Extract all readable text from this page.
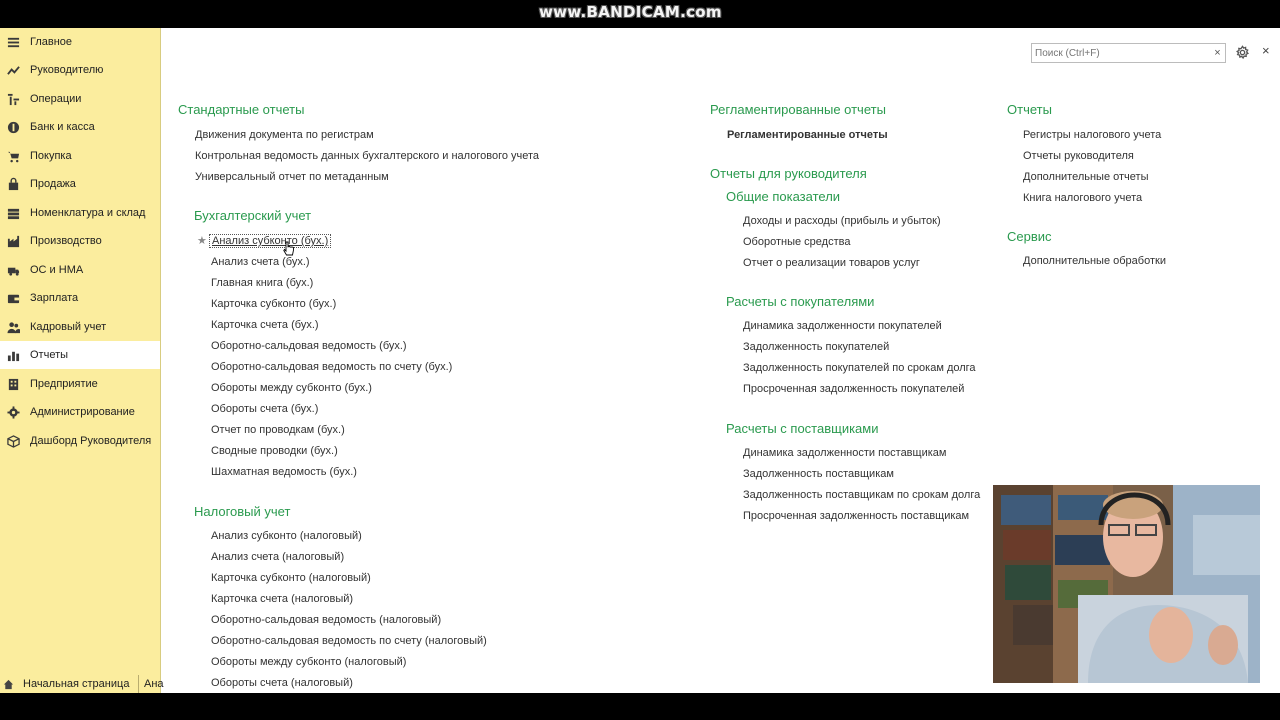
www.BANDICAM.com
Главное
Руководителю
Операции
Банк и касса
Покупка
Продажа
Номенклатура и склад
Производство
ОС и НМА
Зарплата
Кадровый учет
Отчеты
Предприятие
Администрирование
Дашборд Руководителя
Начальная страница	Ана
Поиск (Ctrl+F)
×	×
Стандартные отчеты
Движения документа по регистрам
Контрольная ведомость данных бухгалтерского и налогового учета
Универсальный отчет по метаданным
Бухгалтерский учет
★ Анализ субконто (бух.)
Анализ счета (бух.)
Главная книга (бух.)
Карточка субконто (бух.)
Карточка счета (бух.)
Оборотно-сальдовая ведомость (бух.)
Оборотно-сальдовая ведомость по счету (бух.)
Обороты между субконто (бух.)
Обороты счета (бух.)
Отчет по проводкам (бух.)
Сводные проводки (бух.)
Шахматная ведомость (бух.)
Налоговый учет
Анализ субконто (налоговый)
Анализ счета (налоговый)
Карточка субконто (налоговый)
Карточка счета (налоговый)
Оборотно-сальдовая ведомость (налоговый)
Оборотно-сальдовая ведомость по счету (налоговый)
Обороты между субконто (налоговый)
Обороты счета (налоговый)
Регламентированные отчеты
Регламентированные отчеты
Отчеты для руководителя
Общие показатели
Доходы и расходы (прибыль и убыток)
Оборотные средства
Отчет о реализации товаров услуг
Расчеты с покупателями
Динамика задолженности покупателей
Задолженность покупателей
Задолженность покупателей по срокам долга
Просроченная задолженность покупателей
Расчеты с поставщиками
Динамика задолженности поставщикам
Задолженность поставщикам
Задолженность поставщикам по срокам долга
Просроченная задолженность поставщикам
Отчеты
Регистры налогового учета
Отчеты руководителя
Дополнительные отчеты
Книга налогового учета
Сервис
Дополнительные обработки
